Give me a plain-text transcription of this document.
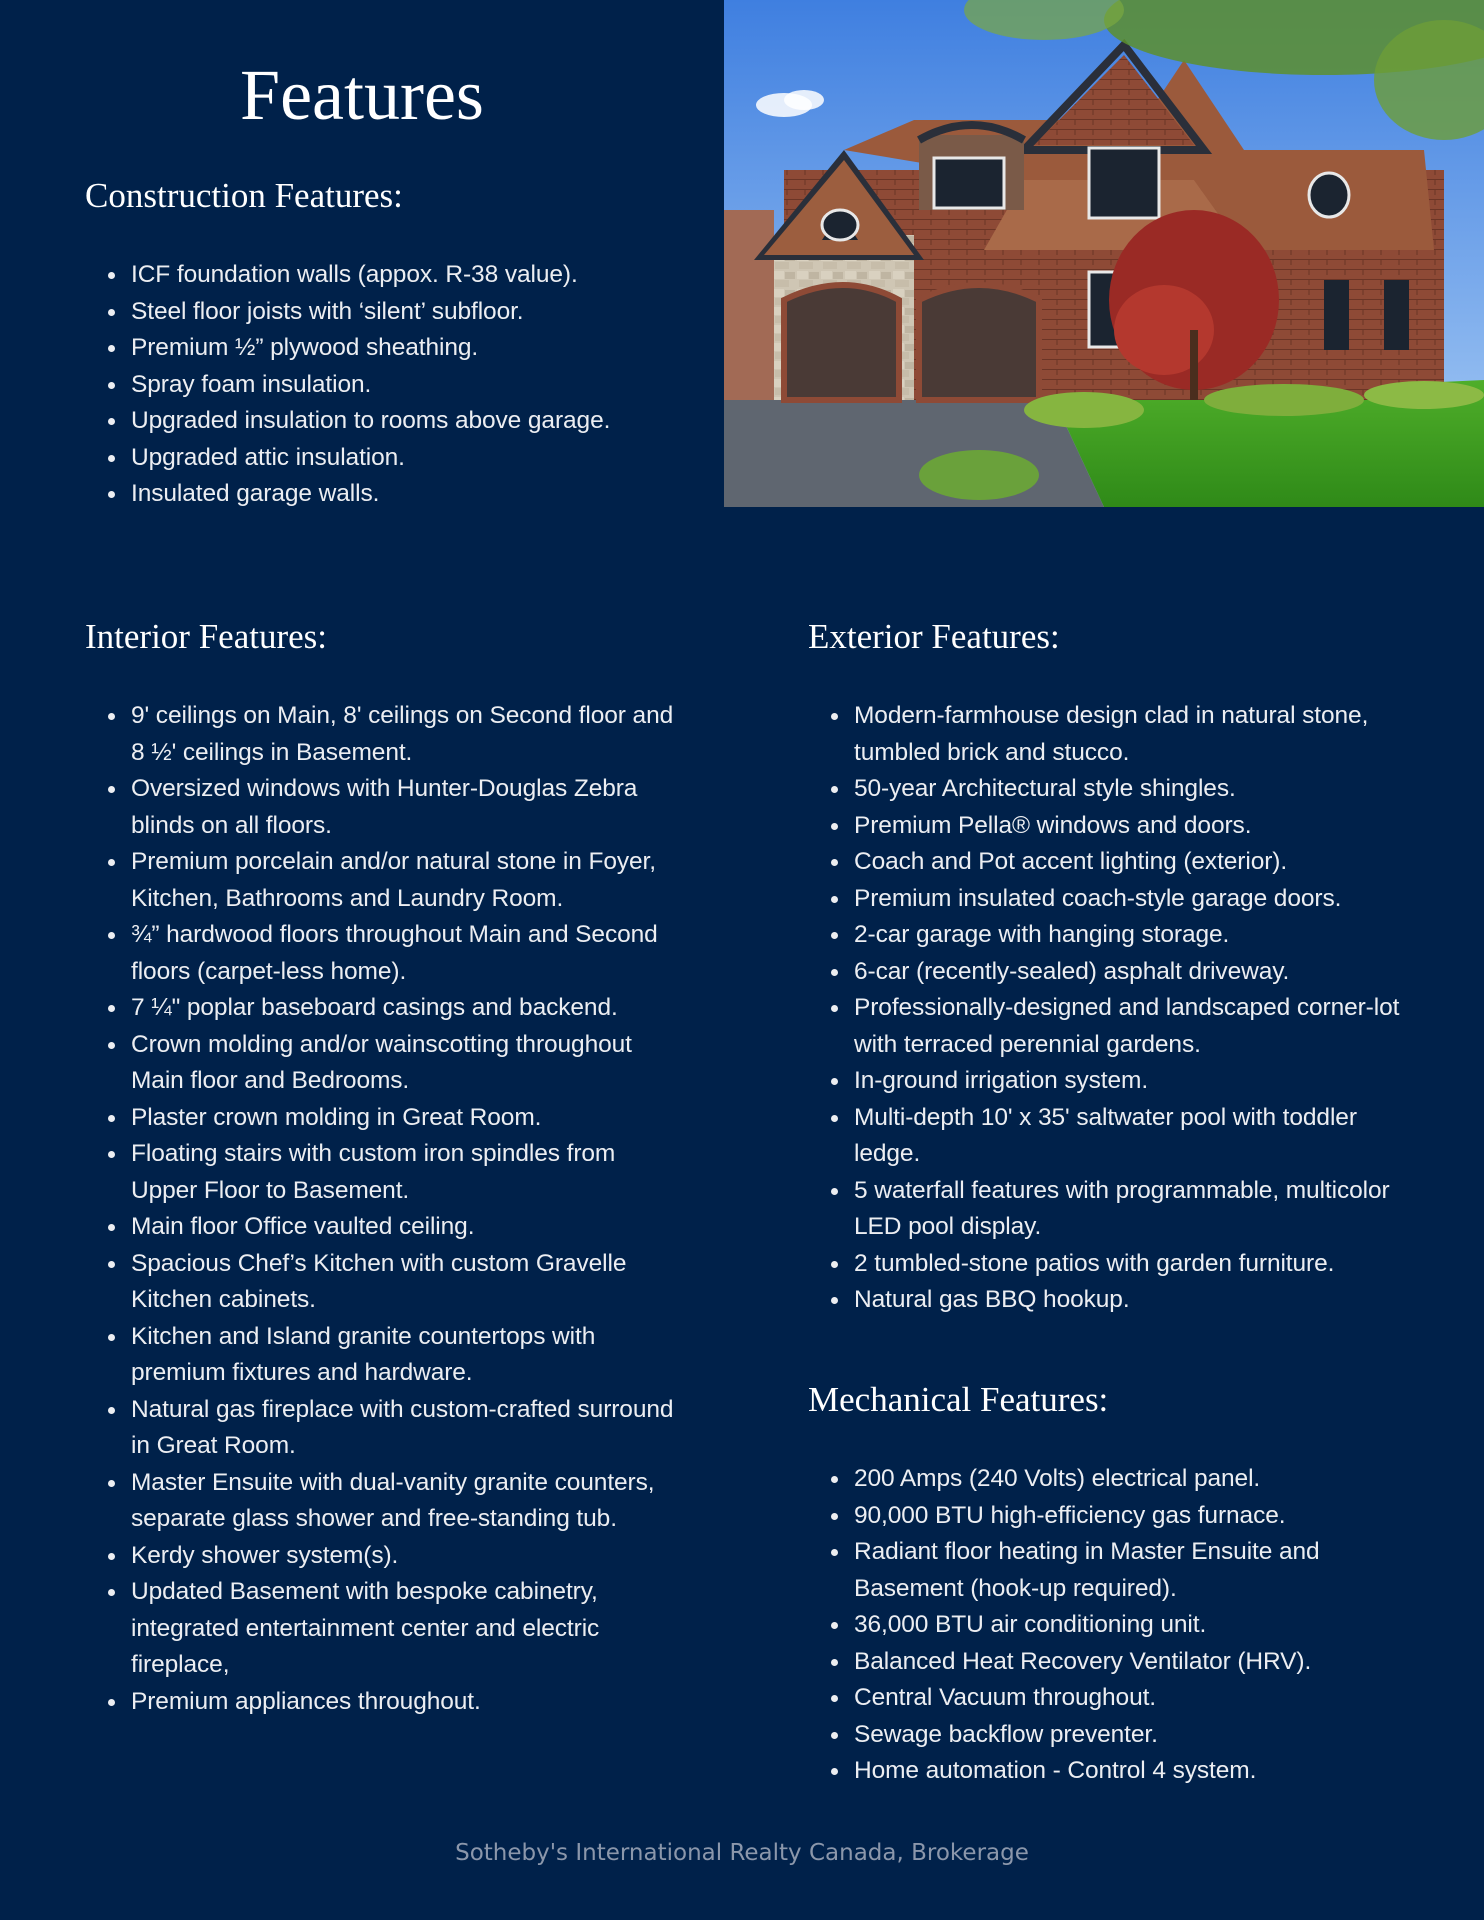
Features
Construction Features:
ICF foundation walls (appox. R-38 value).
Steel floor joists with ‘silent’ subfloor.
Premium ½” plywood sheathing.
Spray foam insulation.
Upgraded insulation to rooms above garage.
Upgraded attic insulation.
Insulated garage walls.
Interior Features:
9' ceilings on Main, 8' ceilings on Second floor and 8 ½' ceilings in Basement.
Oversized windows with Hunter-Douglas Zebra blinds on all floors.
Premium porcelain and/or natural stone in Foyer, Kitchen, Bathrooms and Laundry Room.
¾” hardwood floors throughout Main and Second floors (carpet-less home).
7 ¼" poplar baseboard casings and backend.
Crown molding and/or wainscotting throughout Main floor and Bedrooms.
Plaster crown molding in Great Room.
Floating stairs with custom iron spindles from Upper Floor to Basement.
Main floor Office vaulted ceiling.
Spacious Chef’s Kitchen with custom Gravelle Kitchen cabinets.
Kitchen and Island granite countertops with premium fixtures and hardware.
Natural gas fireplace with custom-crafted surround in Great Room.
Master Ensuite with dual-vanity granite counters, separate glass shower and free-standing tub.
Kerdy shower system(s).
Updated Basement with bespoke cabinetry, integrated entertainment center and electric fireplace,
Premium appliances throughout.
Exterior Features:
Modern-farmhouse design clad in natural stone, tumbled brick and stucco.
50-year Architectural style shingles.
Premium Pella® windows and doors.
Coach and Pot accent lighting (exterior).
Premium insulated coach-style garage doors.
2-car garage with hanging storage.
6-car (recently-sealed) asphalt driveway.
Professionally-designed and landscaped corner-lot with terraced perennial gardens.
In-ground irrigation system.
Multi-depth 10' x 35' saltwater pool with toddler ledge.
5 waterfall features with programmable, multicolor LED pool display.
2 tumbled-stone patios with garden furniture.
Natural gas BBQ hookup.
Mechanical Features:
200 Amps (240 Volts) electrical panel.
90,000 BTU high-efficiency gas furnace.
Radiant floor heating in Master Ensuite and Basement (hook-up required).
36,000 BTU air conditioning unit.
Balanced Heat Recovery Ventilator (HRV).
Central Vacuum throughout.
Sewage backflow preventer.
Home automation - Control 4 system.
Sotheby's International Realty Canada, Brokerage
